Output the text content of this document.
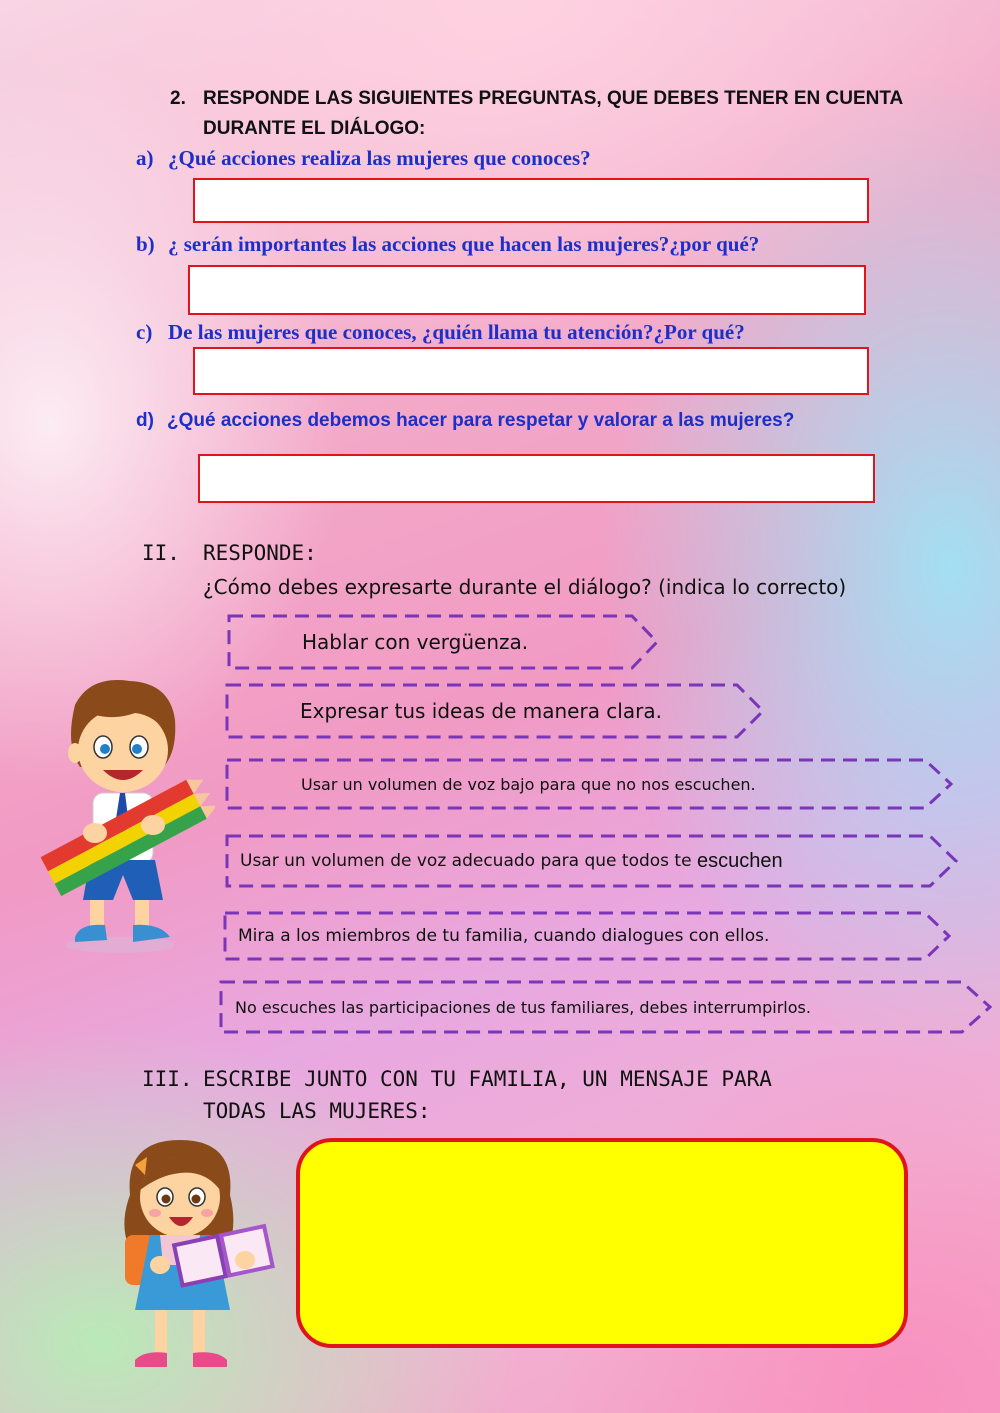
2. RESPONDE LAS SIGUIENTES PREGUNTAS, QUE DEBES TENER EN CUENTA DURANTE EL DIÁLOGO:
a) ¿Qué acciones realiza las mujeres que conoces?
b) ¿ serán importantes las acciones que hacen las mujeres?¿por qué?
c) De las mujeres que conoces, ¿quién llama tu atención?¿Por qué?
d) ¿Qué acciones debemos hacer para respetar y valorar a las mujeres?
II. RESPONDE:
¿Cómo debes expresarte durante el diálogo? (indica lo correcto)
Hablar con vergüenza.
Expresar tus ideas de manera clara.
Usar un volumen de voz bajo para que no nos escuchen.
Usar un volumen de voz adecuado para que todos te escuchen
Mira a los miembros de tu familia, cuando dialogues con ellos.
No escuches las participaciones de tus familiares, debes interrumpirlos.
III. ESCRIBE JUNTO CON TU FAMILIA, UN MENSAJE PARA
TODAS LAS MUJERES:
